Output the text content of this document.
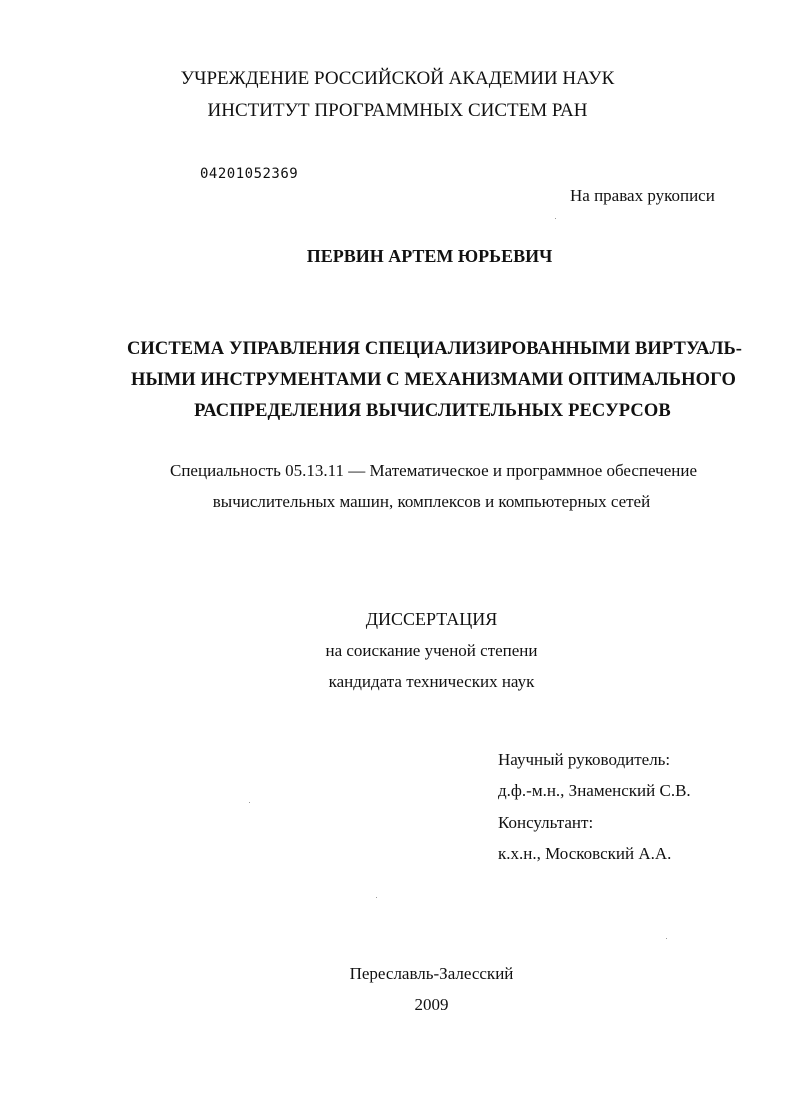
УЧРЕЖДЕНИЕ РОССИЙСКОЙ АКАДЕМИИ НАУК
ИНСТИТУТ ПРОГРАММНЫХ СИСТЕМ РАН
04201052369
На правах рукописи
ПЕРВИН АРТЕМ ЮРЬЕВИЧ
СИСТЕМА УПРАВЛЕНИЯ СПЕЦИАЛИЗИРОВАННЫМИ ВИРТУАЛЬ-
НЫМИ ИНСТРУМЕНТАМИ С МЕХАНИЗМАМИ ОПТИМАЛЬНОГО
РАСПРЕДЕЛЕНИЯ ВЫЧИСЛИТЕЛЬНЫХ РЕСУРСОВ
Специальность 05.13.11 — Математическое и программное обеспечение
вычислительных машин, комплексов и компьютерных сетей
ДИССЕРТАЦИЯ
на соискание ученой степени
кандидата технических наук
Научный руководитель:
д.ф.-м.н., Знаменский С.В.
Консультант:
к.х.н., Московский А.А.
Переславль-Залесский
2009
